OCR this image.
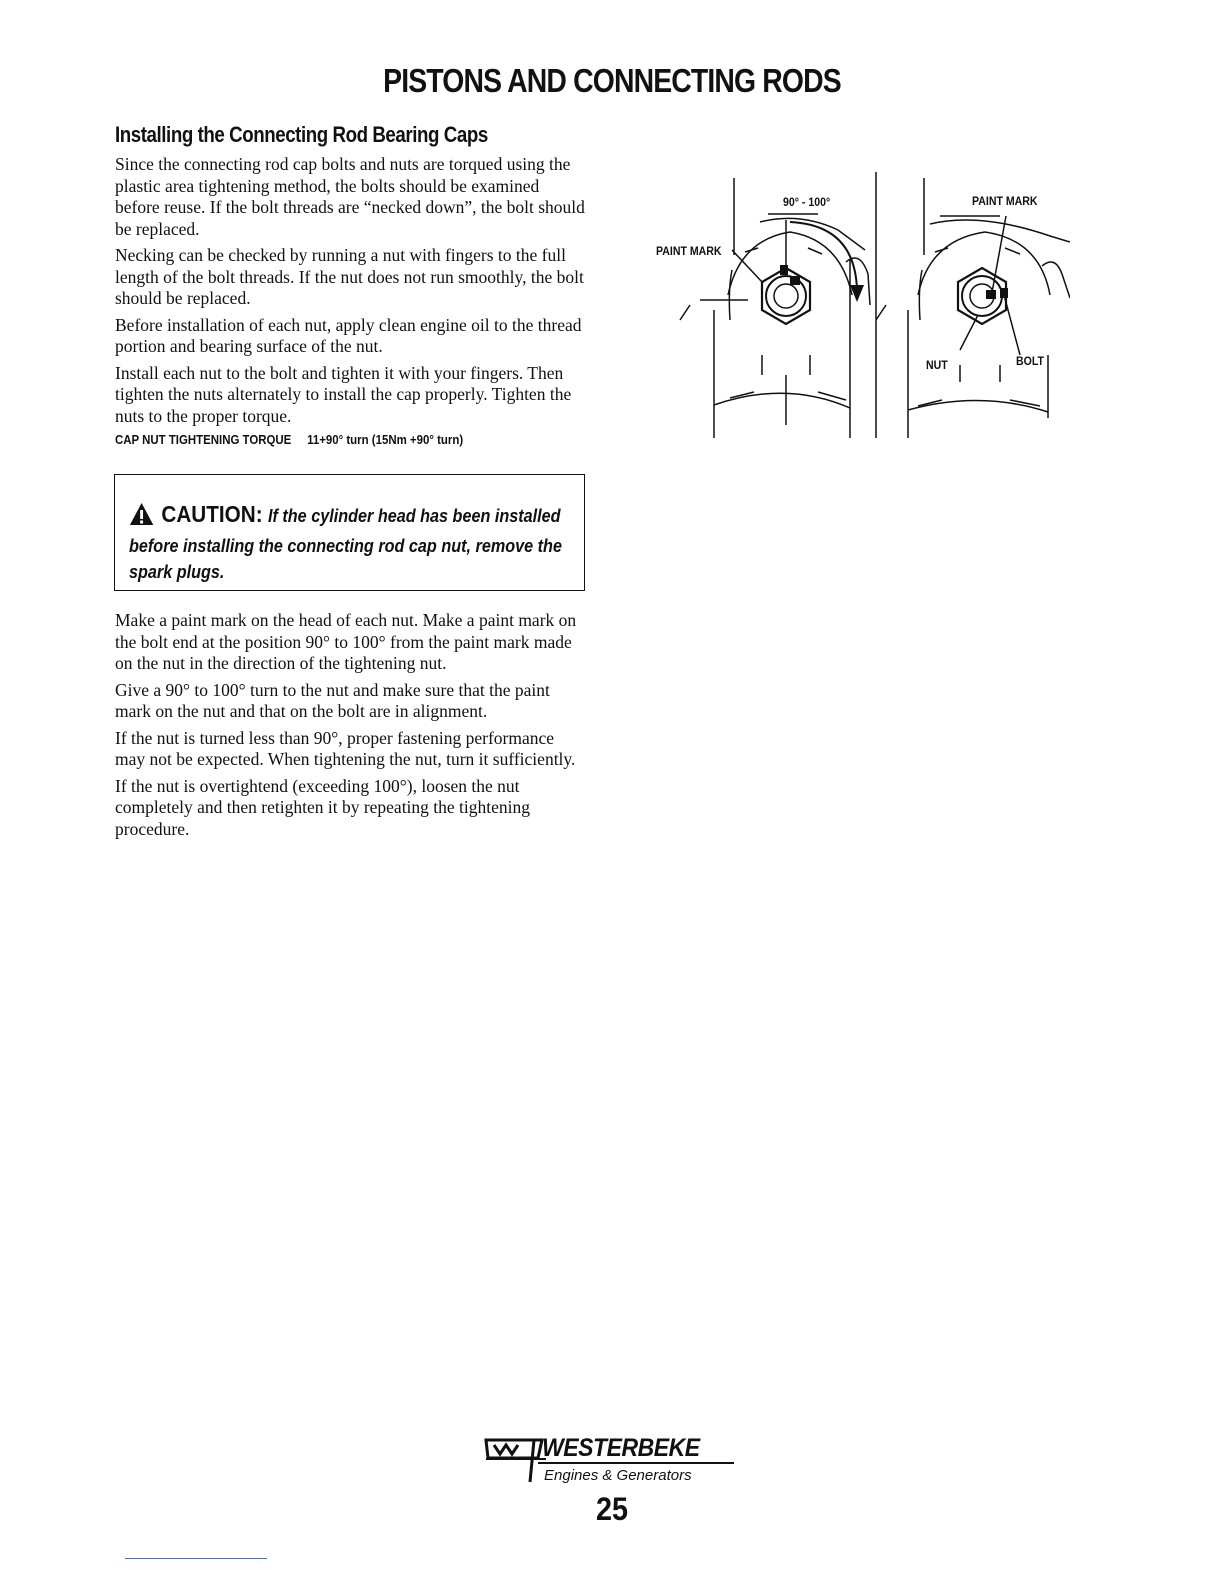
PISTONS AND CONNECTING RODS
Installing the Connecting Rod Bearing Caps

Since the connecting rod cap bolts and nuts are torqued using the plastic area tightening method, the bolts should be examined before reuse. If the bolt threads are “necked down”, the bolt should be replaced.

Necking can be checked by running a nut with fingers to the full length of the bolt threads. If the nut does not run smoothly, the bolt should be replaced.

Before installation of each nut, apply clean engine oil to the thread portion and bearing surface of the nut.

Install each nut to the bolt and tighten it with your fingers. Then tighten the nuts alternately to install the cap properly. Tighten the nuts to the proper torque.

CAP NUT TIGHTENING TORQUE 11+90° turn (15Nm +90° turn)
CAUTION: If the cylinder head has been installed before installing the connecting rod cap nut, remove the spark plugs.

Make a paint mark on the head of each nut. Make a paint mark on the bolt end at the position 90° to 100° from the paint mark made on the nut in the direction of the tightening nut.

Give a 90° to 100° turn to the nut and make sure that the paint mark on the nut and that on the bolt are in alignment.

If the nut is turned less than 90°, proper fastening performance may not be expected. When tightening the nut, turn it sufficiently.

If the nut is overtightend (exceeding 100°), loosen the nut completely and then retighten it by repeating the tightening procedure.

90° - 100°
PAINT MARK
PAINT MARK
NUT	BOLT
WESTERBEKE
Engines & Generators
25
